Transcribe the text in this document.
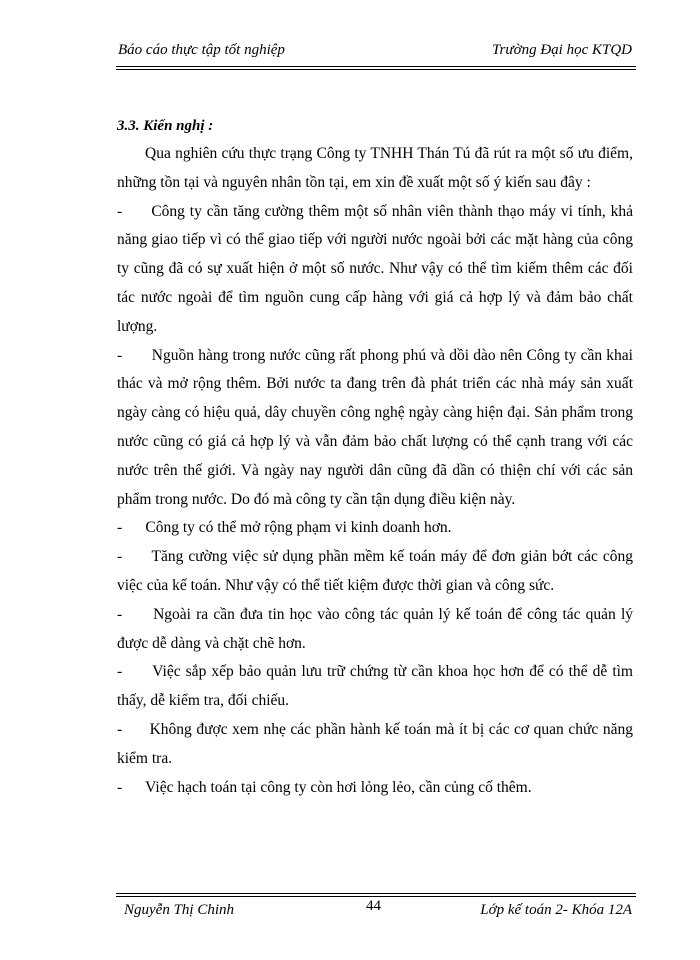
Báo cáo thực tập tốt nghiệp	Trường Đại học KTQD
3.3. Kiến nghị :

Qua nghiên cứu thực trạng Công ty TNHH Thán Tú đã rút ra một số ưu điểm, những tồn tại và nguyên nhân tồn tại, em xin đề xuất một số ý kiến sau đây :

-      Công ty cần tăng cường thêm một số nhân viên thành thạo máy vi tính, khả năng giao tiếp vì có thể giao tiếp với người nước ngoài bởi các mặt hàng của công ty cũng đã có sự xuất hiện ở một số nước. Như vậy có thể tìm kiếm thêm các đối tác nước ngoài để tìm nguồn cung cấp hàng với giá cả hợp lý và đảm bảo chất lượng.

-       Nguồn hàng trong nước cũng rất phong phú và dồi dào nên Công ty cần khai thác và mở rộng thêm. Bởi nước ta đang trên đà phát triển các nhà máy sản xuất ngày càng có hiệu quả, dây chuyền công nghệ ngày càng hiện đại. Sản phẩm trong nước cũng có giá cả hợp lý và vẫn đảm bảo chất lượng có thể cạnh trang với các nước trên thế giới. Và ngày nay người dân cũng đã dần có thiện chí với các sản phẩm trong nước. Do đó mà công ty cần tận dụng điều kiện này.

-      Công ty có thể mở rộng phạm vi kinh doanh hơn.

-      Tăng cường việc sử dụng phần mềm kế toán máy để đơn giản bớt các công việc của kế toán. Như vậy có thể tiết kiệm được thời gian và công sức.

-      Ngoài ra cần đưa tin học vào công tác quản lý kế toán để công tác quản lý được dễ dàng và chặt chẽ hơn.

-      Việc sắp xếp bảo quản lưu trữ chứng từ cần khoa học hơn để có thể dễ tìm thấy, dễ kiểm tra, đối chiếu.

-      Không được xem nhẹ các phần hành kế toán mà ít bị các cơ quan chức năng kiểm tra.

-      Việc hạch toán tại công ty còn hơi lỏng lẻo, cần củng cố thêm.

Nguyễn Thị Chinh	44	Lớp kế toán 2- Khóa 12A
